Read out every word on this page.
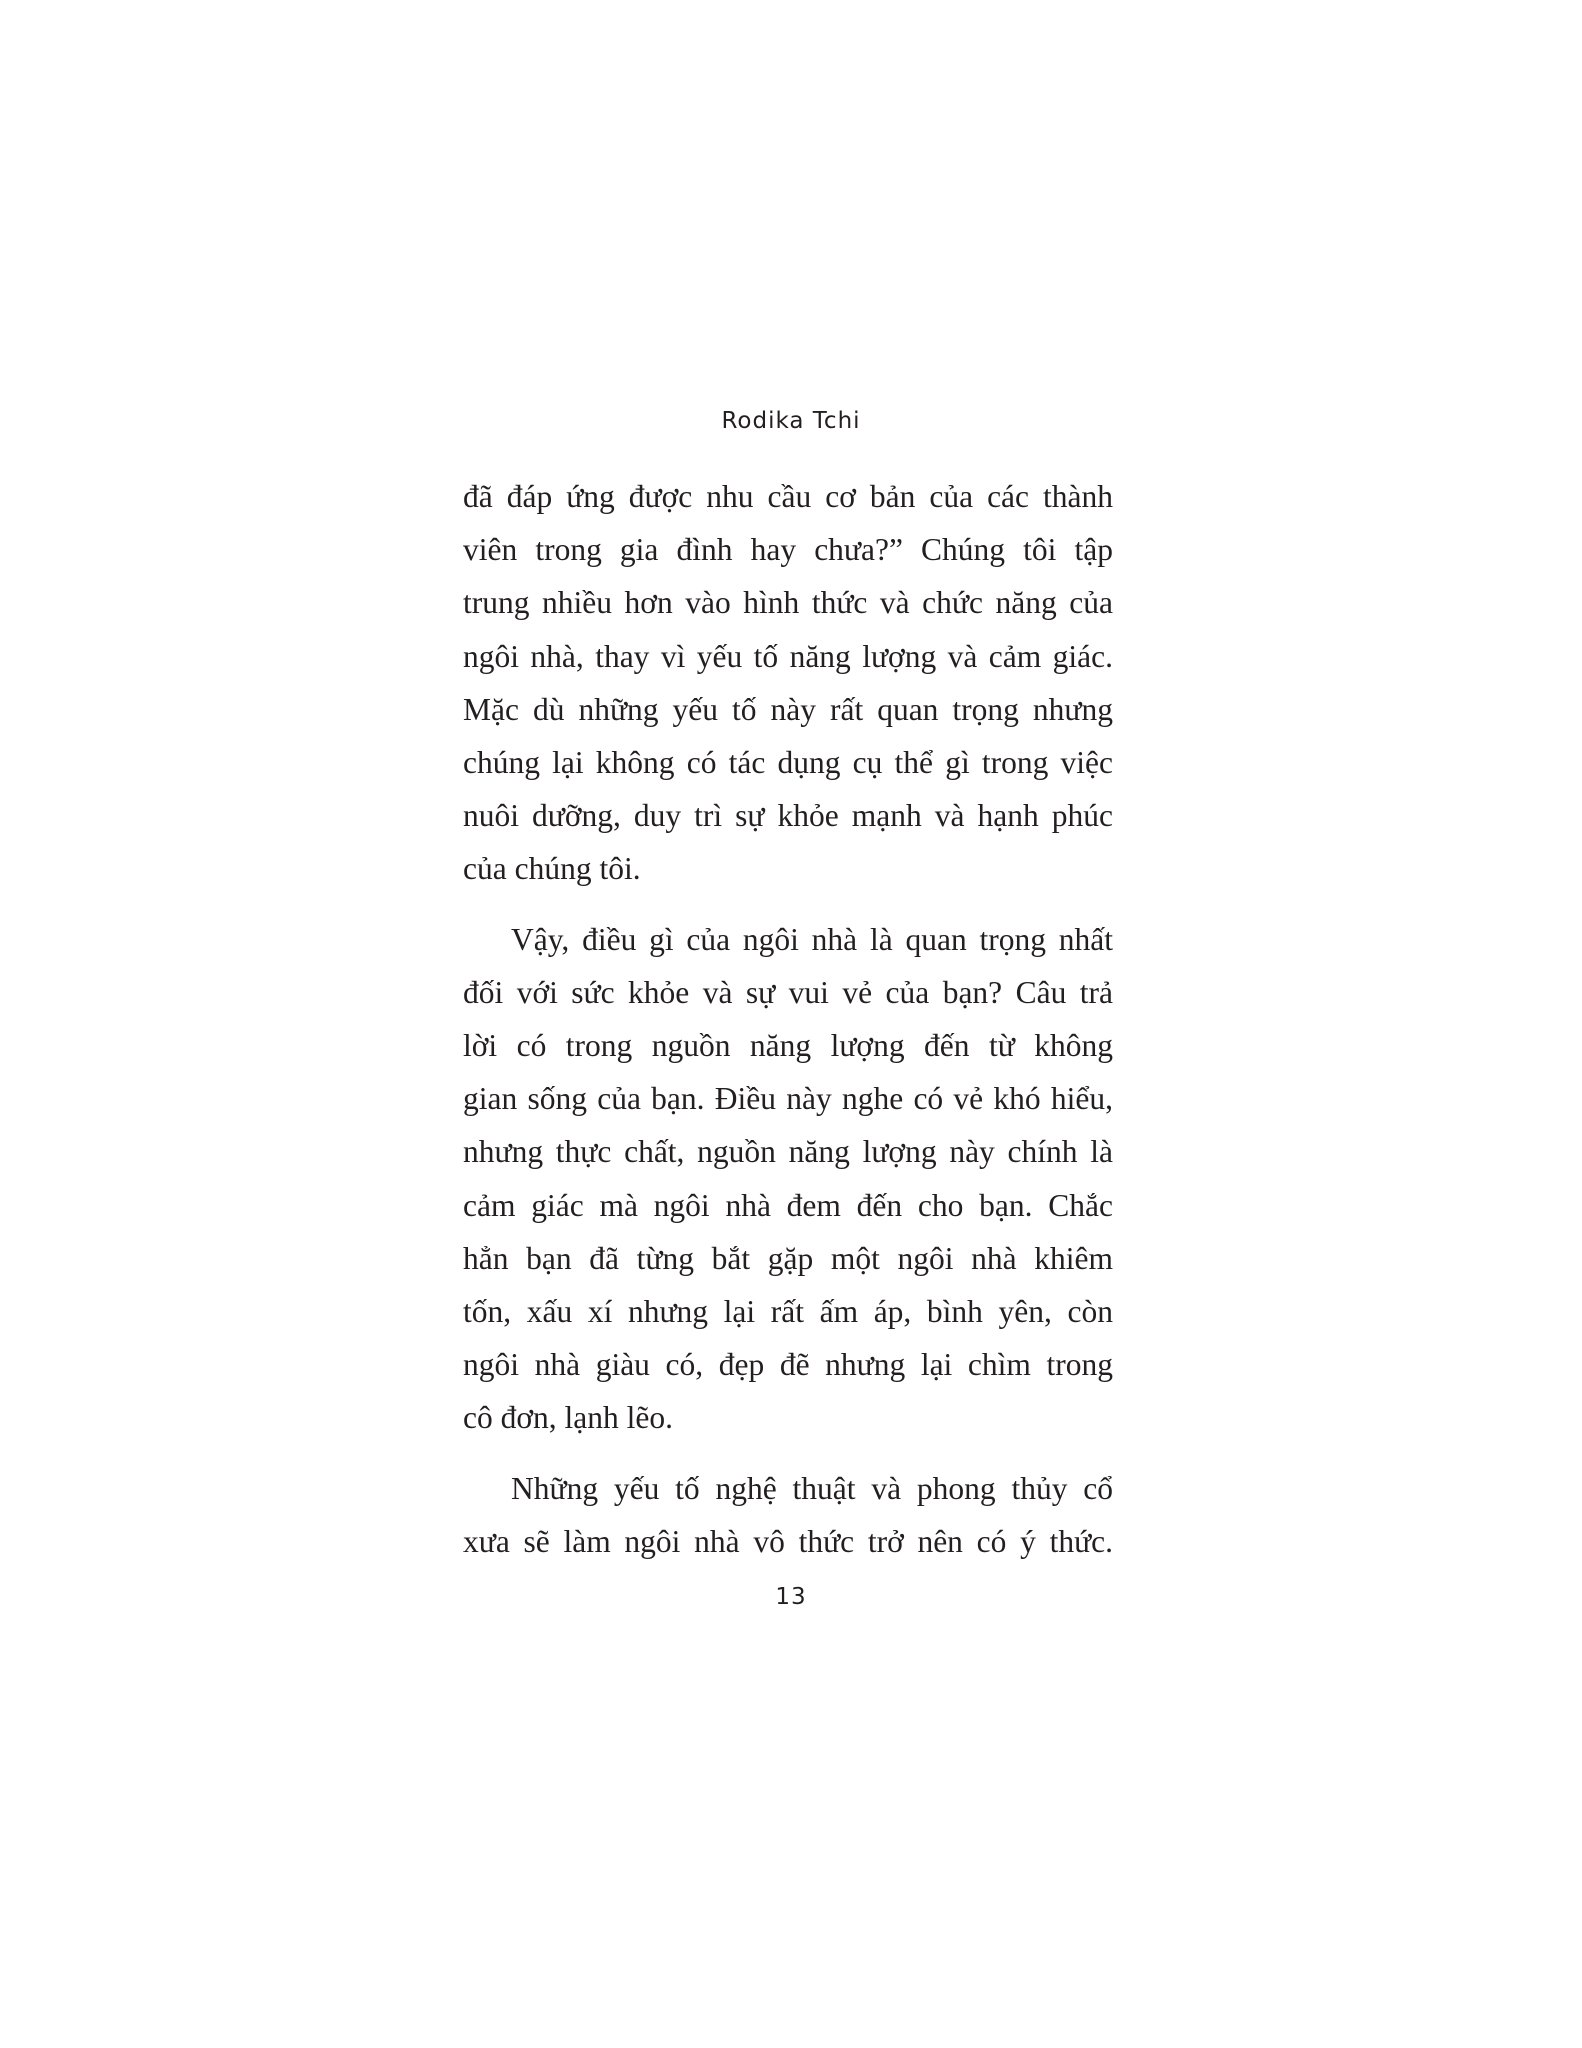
Rodika Tchi

đã đáp ứng được nhu cầu cơ bản của các thành
viên trong gia đình hay chưa?” Chúng tôi tập
trung nhiều hơn vào hình thức và chức năng của
ngôi nhà, thay vì yếu tố năng lượng và cảm giác.
Mặc dù những yếu tố này rất quan trọng nhưng
chúng lại không có tác dụng cụ thể gì trong việc
nuôi dưỡng, duy trì sự khỏe mạnh và hạnh phúc
của chúng tôi.

Vậy, điều gì của ngôi nhà là quan trọng nhất
đối với sức khỏe và sự vui vẻ của bạn? Câu trả
lời có trong nguồn năng lượng đến từ không
gian sống của bạn. Điều này nghe có vẻ khó hiểu,
nhưng thực chất, nguồn năng lượng này chính là
cảm giác mà ngôi nhà đem đến cho bạn. Chắc
hẳn bạn đã từng bắt gặp một ngôi nhà khiêm
tốn, xấu xí nhưng lại rất ấm áp, bình yên, còn
ngôi nhà giàu có, đẹp đẽ nhưng lại chìm trong
cô đơn, lạnh lẽo.

Những yếu tố nghệ thuật và phong thủy cổ
xưa sẽ làm ngôi nhà vô thức trở nên có ý thức.

13
